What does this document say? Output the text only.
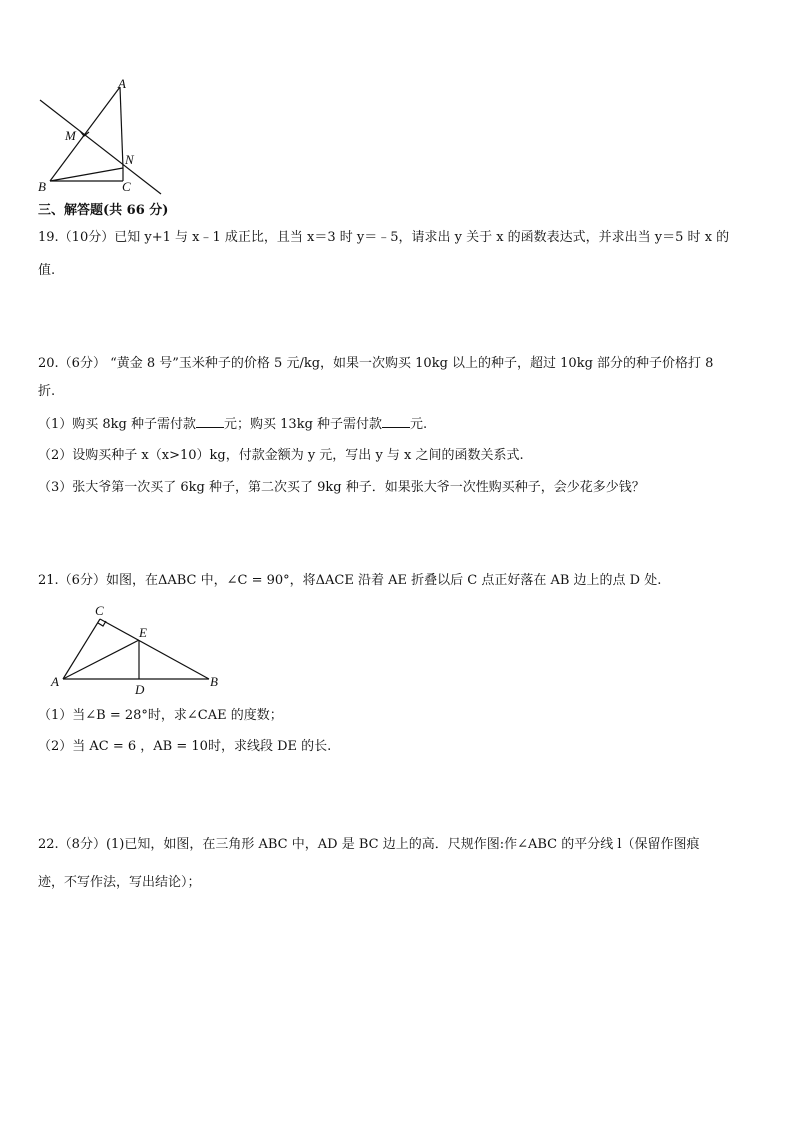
A
M
N
B	C
三、解答题(共 66 分)
19.（10分）已知 y+1 与 x﹣1 成正比，且当 x＝3 时 y＝﹣5，请求出 y 关于 x 的函数表达式，并求出当 y＝5 时 x 的
值.
20.（6分） “黄金 8 号”玉米种子的价格 5 元/kg，如果一次购买 10kg 以上的种子，超过 10kg 部分的种子价格打 8
折.
（1）购买 8kg 种子需付款 元；购买 13kg 种子需付款 元.
（2）设购买种子 x（x>10）kg，付款金额为 y 元，写出 y 与 x 之间的函数关系式.
（3）张大爷第一次买了 6kg 种子，第二次买了 9kg 种子．如果张大爷一次性购买种子，会少花多少钱？
21.（6分）如图，在ΔABC 中，∠C = 90°，将ΔACE 沿着 AE 折叠以后 C 点正好落在 AB 边上的点 D 处.
C
E
A
D
B
（1）当∠B = 28°时，求∠CAE 的度数；
（2）当 AC = 6 ，AB = 10时，求线段 DE 的长.
22.（8分）(1)已知，如图，在三角形 ABC 中，AD 是 BC 边上的高．尺规作图:作∠ABC 的平分线 l（保留作图痕
迹，不写作法，写出结论）；
